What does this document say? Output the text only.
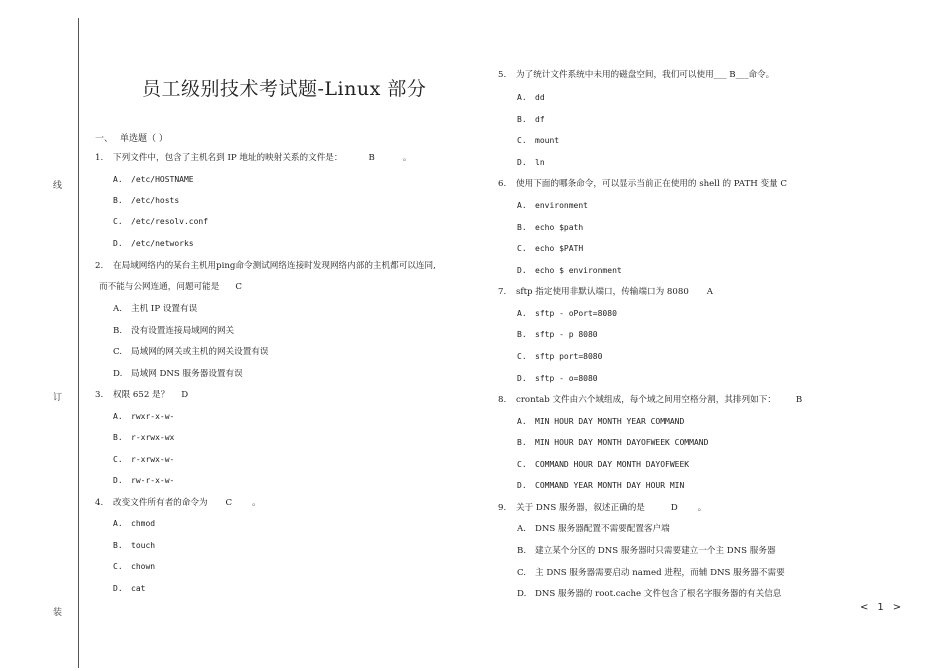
线
订
装
员工级别技术考试题-Linux 部分
一、 单选题（ ）
1. 下列文件中，包含了主机名到 IP 地址的映射关系的文件是：	B	。
A. /etc/HOSTNAME
B. /etc/hosts
C. /etc/resolv.conf
D. /etc/networks
2. 在局域网络内的某台主机用ping命令测试网络连接时发现网络内部的主机都可以连同,
而不能与公网连通，问题可能是 C
A. 主机 IP 设置有误
B. 没有设置连接局域网的网关
C. 局域网的网关或主机的网关设置有误
D. 局域网 DNS 服务器设置有误
3. 权限 652 是？ D
A. rwxr-x-w-
B. r-xrwx-wx
C. r-xrwx-w-
D. rw-r-x-w-
4. 改变文件所有者的命令为 C 。
A. chmod
B. touch
C. chown
D. cat
5. 为了统计文件系统中未用的磁盘空间，我们可以使用___ B___命令。
A. dd
B. df
C. mount
D. ln
6. 使用下面的哪条命令，可以显示当前正在使用的 shell 的 PATH 变量 C
A. environment
B. echo $path
C. echo $PATH
D. echo $ environment
7. sftp 指定使用非默认端口，传输端口为 8080 A
A. sftp - oPort=8080
B. sftp - p 8080
C. sftp port=8080
D. sftp - o=8080
8. crontab 文件由六个域组成，每个域之间用空格分割，其排列如下： B
A. MIN HOUR DAY MONTH YEAR COMMAND
B. MIN HOUR DAY MONTH DAYOFWEEK COMMAND
C. COMMAND HOUR DAY MONTH DAYOFWEEK
D. COMMAND YEAR MONTH DAY HOUR MIN
9. 关于 DNS 服务器，叙述正确的是	D 。
A. DNS 服务器配置不需要配置客户端
B. 建立某个分区的 DNS 服务器时只需要建立一个主 DNS 服务器
C. 主 DNS 服务器需要启动 named 进程，而辅 DNS 服务器不需要
D. DNS 服务器的 root.cache 文件包含了根名字服务器的有关信息
< 1 >
